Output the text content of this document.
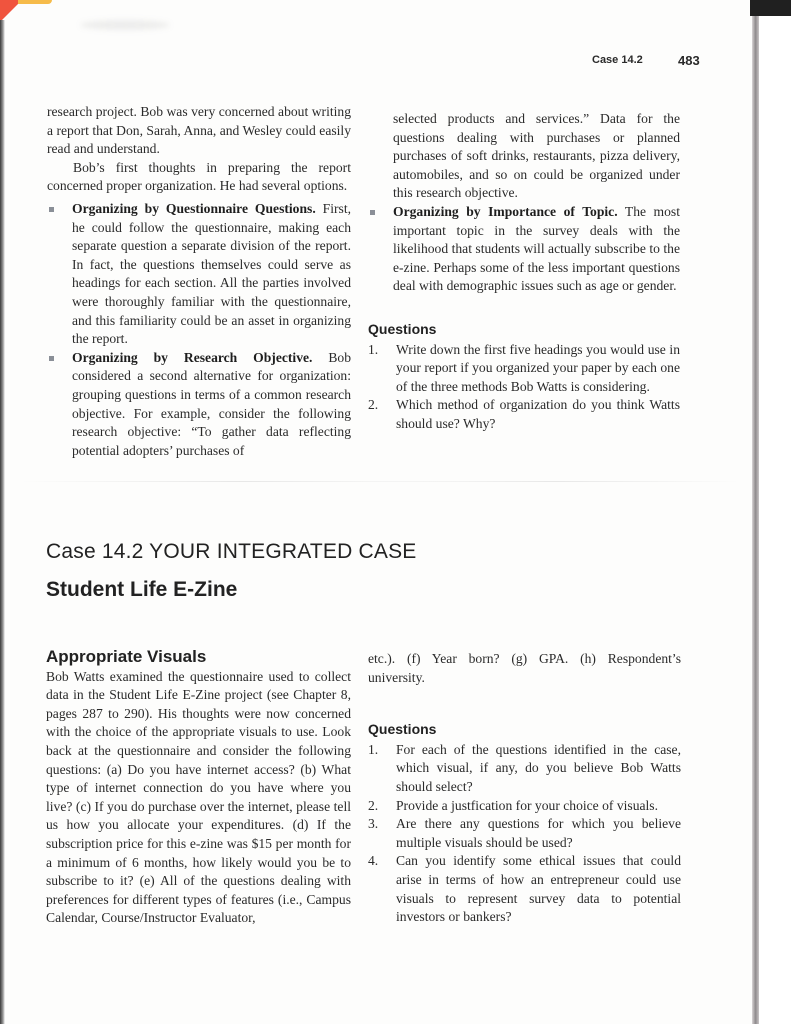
Case 14.2	483

research project. Bob was very concerned about writing a report that Don, Sarah, Anna, and Wesley could easily read and understand.

Bob’s first thoughts in preparing the report concerned proper organization. He had several options.

Organizing by Questionnaire Questions. First, he could follow the questionnaire, making each separate question a separate division of the report. In fact, the questions themselves could serve as headings for each section. All the parties involved were thoroughly familiar with the questionnaire, and this familiarity could be an asset in organizing the report.
Organizing by Research Objective. Bob considered a second alternative for organization: grouping questions in terms of a common research objective. For example, consider the following research objective: “To gather data reflecting potential adopters’ purchases of

selected products and services.” Data for the questions dealing with purchases or planned purchases of soft drinks, restaurants, pizza delivery, automobiles, and so on could be organized under this research objective.

Organizing by Importance of Topic. The most important topic in the survey deals with the likelihood that students will actually subscribe to the e-zine. Perhaps some of the less important questions deal with demographic issues such as age or gender.
Questions
1. Write down the first five headings you would use in your report if you organized your paper by each one of the three methods Bob Watts is considering.
2. Which method of organization do you think Watts should use? Why?
Case 14.2 YOUR INTEGRATED CASE
Student Life E-Zine
Appropriate Visuals

Bob Watts examined the questionnaire used to collect data in the Student Life E-Zine project (see Chapter 8, pages 287 to 290). His thoughts were now concerned with the choice of the appropriate visuals to use. Look back at the questionnaire and consider the following questions: (a) Do you have internet access? (b) What type of internet connection do you have where you live? (c) If you do purchase over the internet, please tell us how you allocate your expenditures. (d) If the subscription price for this e-zine was $15 per month for a minimum of 6 months, how likely would you be to subscribe to it? (e) All of the questions dealing with preferences for different types of features (i.e., Campus Calendar, Course/Instructor Evaluator,

etc.). (f) Year born? (g) GPA. (h) Respondent’s university.

Questions
1. For each of the questions identified in the case, which visual, if any, do you believe Bob Watts should select?
2. Provide a justfication for your choice of visuals.
3. Are there any questions for which you believe multiple visuals should be used?
4. Can you identify some ethical issues that could arise in terms of how an entrepreneur could use visuals to represent survey data to potential investors or bankers?
